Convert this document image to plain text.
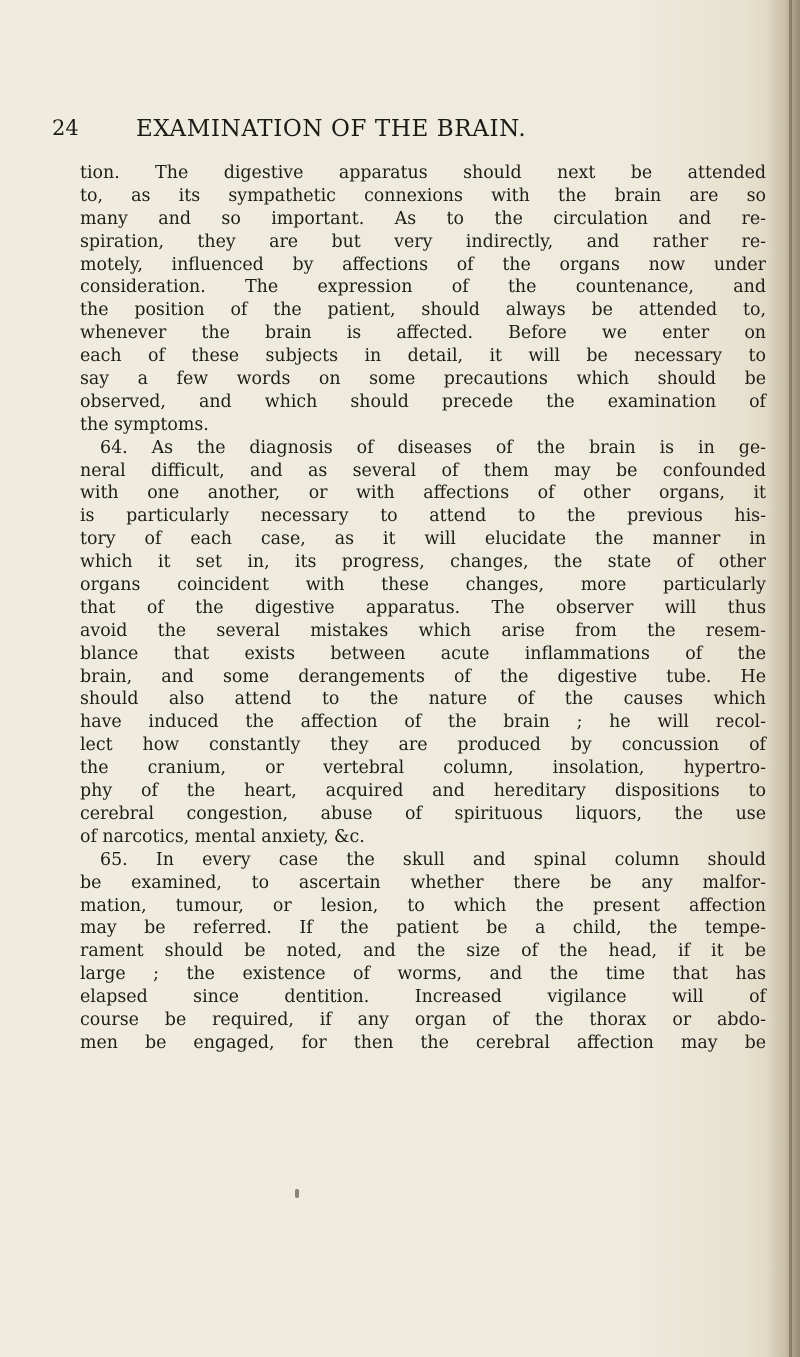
24 EXAMINATION OF THE BRAIN.
tion. The digestive apparatus should next be attended
to, as its sympathetic connexions with the brain are so
many and so important. As to the circulation and re-
spiration, they are but very indirectly, and rather re-
motely, influenced by affections of the organs now under
consideration. The expression of the countenance, and
the position of the patient, should always be attended to,
whenever the brain is affected. Before we enter on
each of these subjects in detail, it will be necessary to
say a few words on some precautions which should be
observed, and which should precede the examination of
the symptoms.
64. As the diagnosis of diseases of the brain is in ge-
neral difficult, and as several of them may be confounded
with one another, or with affections of other organs, it
is particularly necessary to attend to the previous his-
tory of each case, as it will elucidate the manner in
which it set in, its progress, changes, the state of other
organs coincident with these changes, more particularly
that of the digestive apparatus. The observer will thus
avoid the several mistakes which arise from the resem-
blance that exists between acute inflammations of the
brain, and some derangements of the digestive tube. He
should also attend to the nature of the causes which
have induced the affection of the brain ; he will recol-
lect how constantly they are produced by concussion of
the cranium, or vertebral column, insolation, hypertro-
phy of the heart, acquired and hereditary dispositions to
cerebral congestion, abuse of spirituous liquors, the use
of narcotics, mental anxiety, &c.
65. In every case the skull and spinal column should
be examined, to ascertain whether there be any malfor-
mation, tumour, or lesion, to which the present affection
may be referred. If the patient be a child, the tempe-
rament should be noted, and the size of the head, if it be
large ; the existence of worms, and the time that has
elapsed since dentition. Increased vigilance will of
course be required, if any organ of the thorax or abdo-
men be engaged, for then the cerebral affection may be
